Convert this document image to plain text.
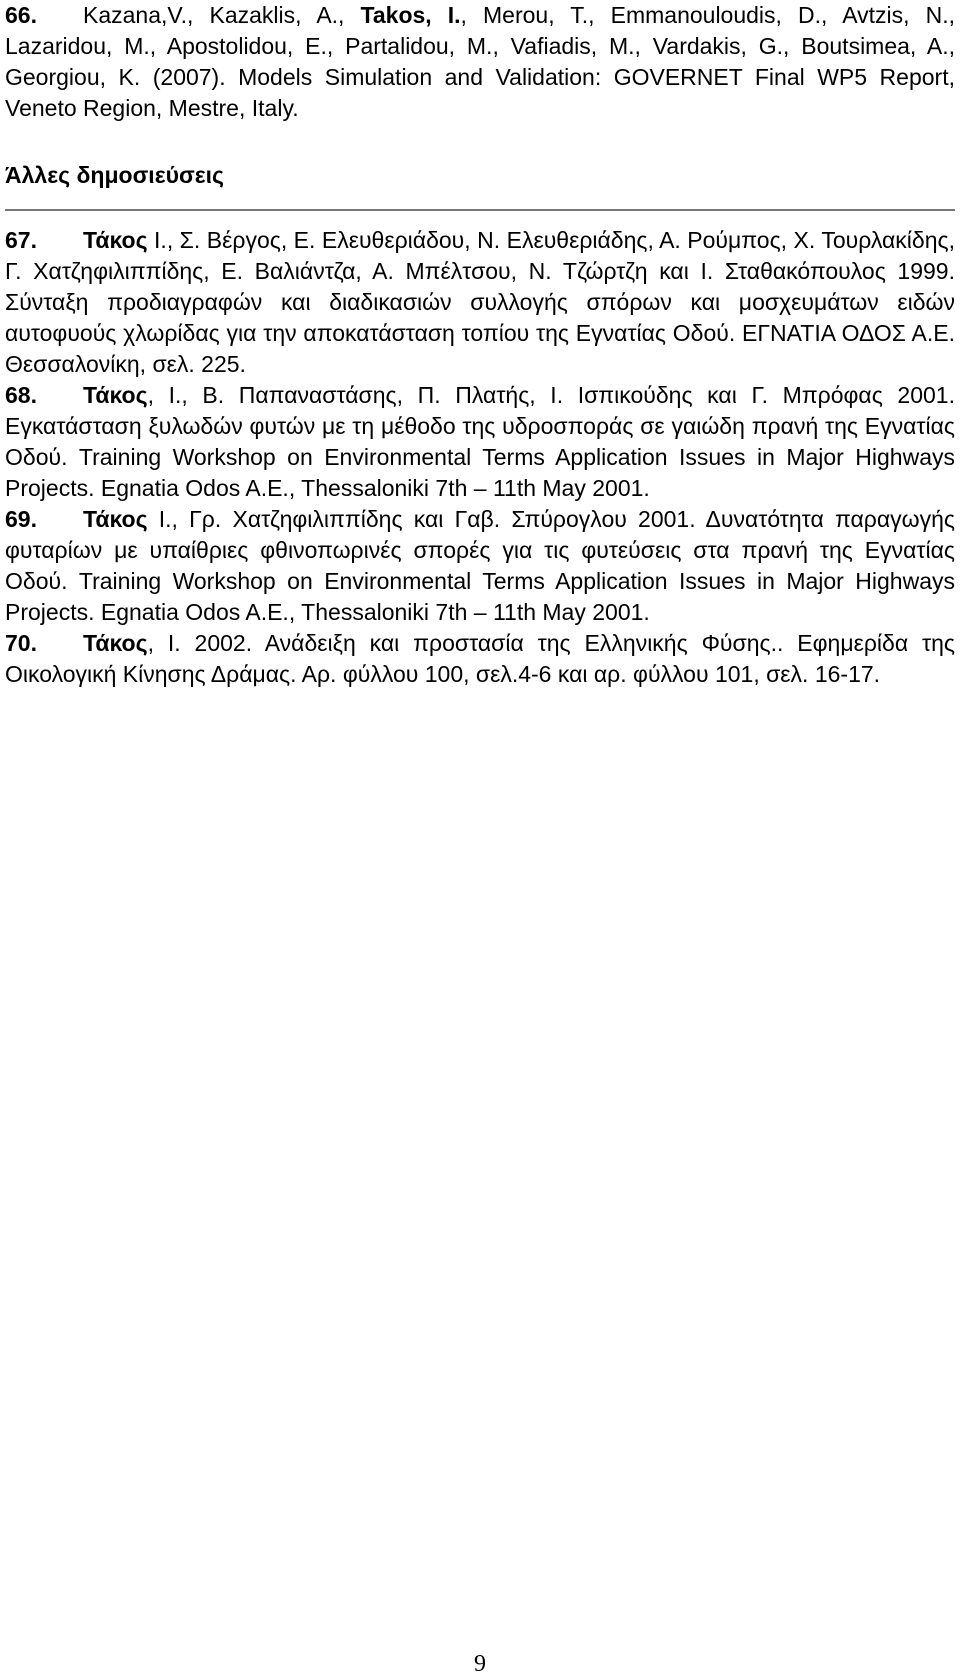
66. Kazana,V., Kazaklis, A., Takos, I., Merou, T., Emmanouloudis, D., Avtzis, N., Lazaridou, M., Apostolidou, E., Partalidou, M., Vafiadis, M., Vardakis, G., Boutsimea, A., Georgiou, K. (2007). Models Simulation and Validation: GOVERNET Final WP5 Report, Veneto Region, Mestre, Italy.

Άλλες δημοσιεύσεις

67. Τάκος Ι., Σ. Βέργος, Ε. Ελευθεριάδου, Ν. Ελευθεριάδης, Α. Ρούμπος, Χ. Τουρλακίδης, Γ. Χατζηφιλιππίδης, Ε. Βαλιάντζα, Α. Μπέλτσου, Ν. Τζώρτζη και Ι. Σταθακόπουλος 1999. Σύνταξη προδιαγραφών και διαδικασιών συλλογής σπόρων και μοσχευμάτων ειδών αυτοφυούς χλωρίδας για την αποκατάσταση τοπίου της Εγνατίας Οδού. ΕΓΝΑΤΙΑ ΟΔΟΣ Α.Ε. Θεσσαλονίκη, σελ. 225.

68. Τάκος, Ι., Β. Παπαναστάσης, Π. Πλατής, Ι. Ισπικούδης και Γ. Μπρόφας 2001. Εγκατάσταση ξυλωδών φυτών με τη μέθοδο της υδροσποράς σε γαιώδη πρανή της Εγνατίας Οδού. Training Workshop on Environmental Terms Application Issues in Major Highways Projects. Egnatia Odos A.E., Thessaloniki 7th – 11th May 2001.

69. Τάκος Ι., Γρ. Χατζηφιλιππίδης και Γαβ. Σπύρογλου 2001. Δυνατότητα παραγωγής φυταρίων με υπαίθριες φθινοπωρινές σπορές για τις φυτεύσεις στα πρανή της Εγνατίας Οδού. Training Workshop on Environmental Terms Application Issues in Major Highways Projects. Egnatia Odos A.E., Thessaloniki 7th – 11th May 2001.

70. Τάκος, Ι. 2002. Ανάδειξη και προστασία της Ελληνικής Φύσης.. Εφημερίδα της Οικολογική Κίνησης Δράμας. Αρ. φύλλου 100, σελ.4-6 και αρ. φύλλου 101, σελ. 16-17.

9
